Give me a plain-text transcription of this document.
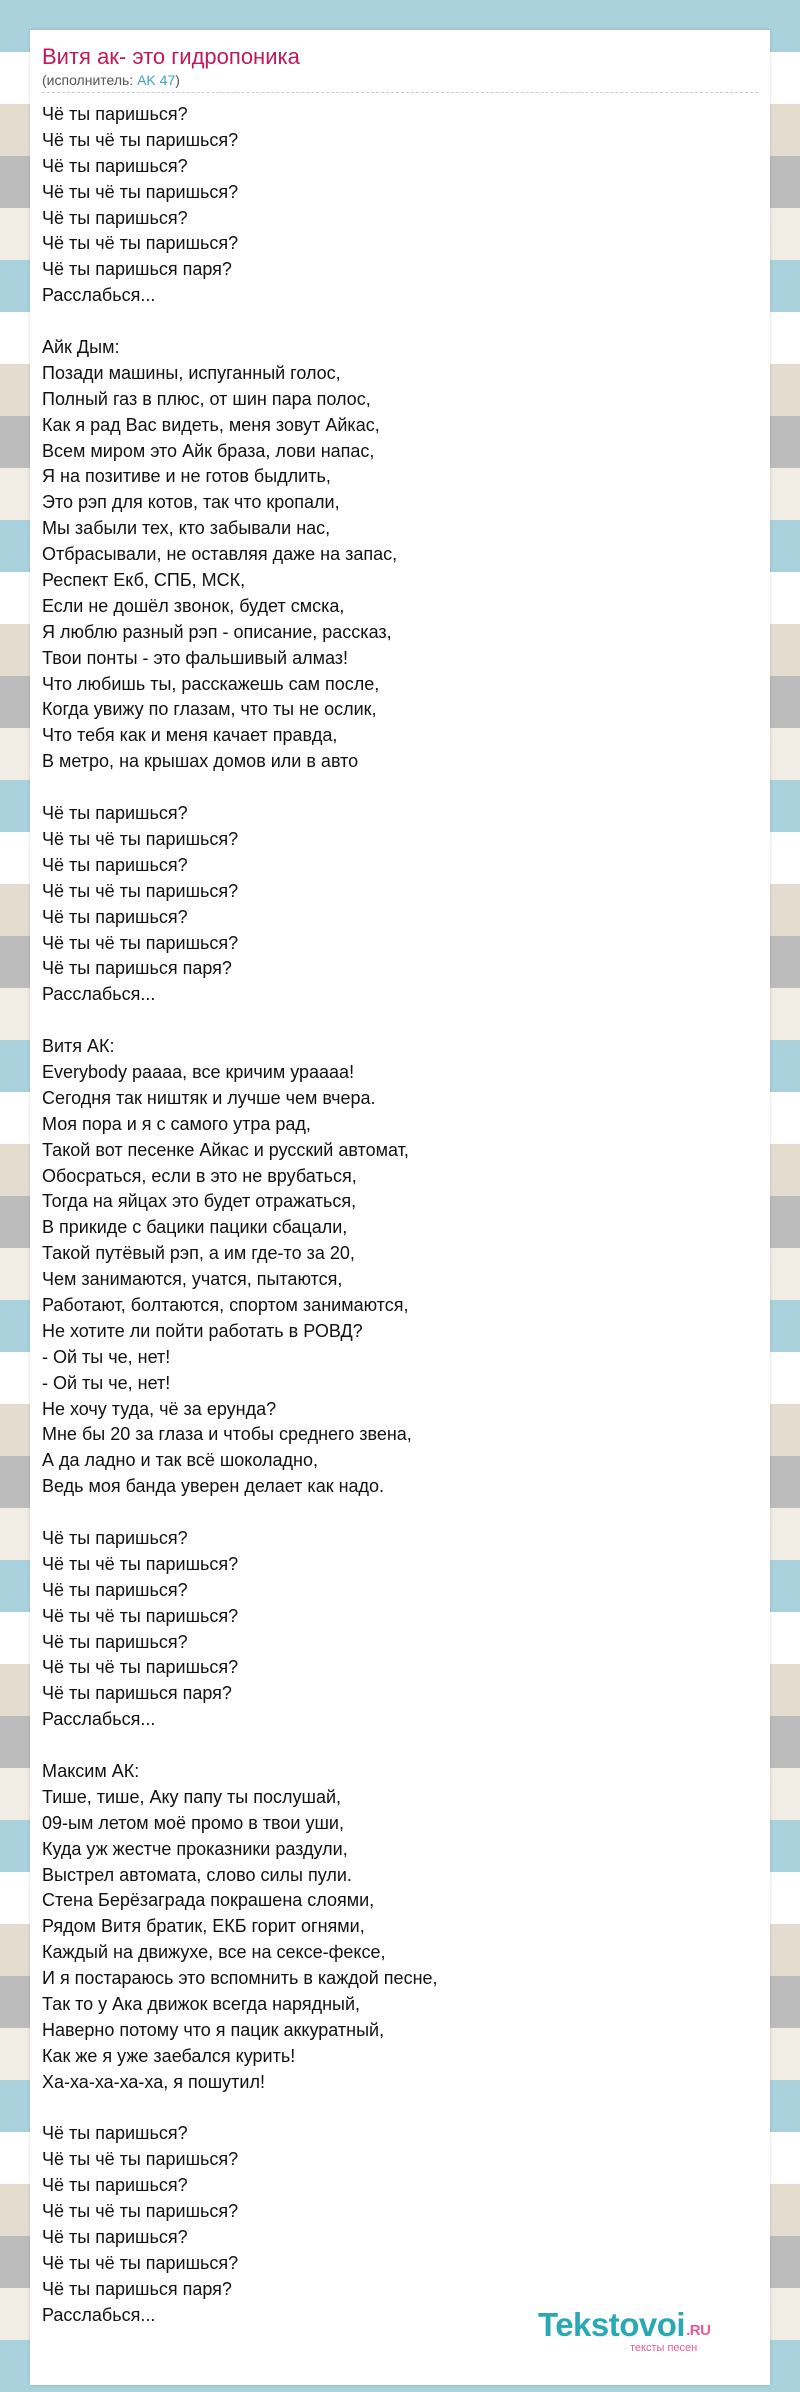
Витя ак- это гидропоника
(исполнитель: AK 47)
Чё ты паришься?
Чё ты чё ты паришься?
Чё ты паришься?
Чё ты чё ты паришься?
Чё ты паришься?
Чё ты чё ты паришься?
Чё ты паришься паря?
Расслабься...
Айк Дым:
Позади машины, испуганный голос,
Полный газ в плюс, от шин пара полос,
Как я рад Вас видеть, меня зовут Айкас,
Всем миром это Айк браза, лови напас,
Я на позитиве и не готов быдлить,
Это рэп для котов, так что кропали,
Мы забыли тех, кто забывали нас,
Отбрасывали, не оставляя даже на запас,
Респект Екб, СПБ, МСК,
Если не дошёл звонок, будет смска,
Я люблю разный рэп - описание, рассказ,
Твои понты - это фальшивый алмаз!
Что любишь ты, расскажешь сам после,
Когда увижу по глазам, что ты не ослик,
Что тебя как и меня качает правда,
В метро, на крышах домов или в авто
Чё ты паришься?
Чё ты чё ты паришься?
Чё ты паришься?
Чё ты чё ты паришься?
Чё ты паришься?
Чё ты чё ты паришься?
Чё ты паришься паря?
Расслабься...
Витя АК:
Everybody раааа, все кричим ураааа!
Сегодня так ништяк и лучше чем вчера.
Моя пора и я с самого утра рад,
Такой вот песенке Айкас и русский автомат,
Обосраться, если в это не врубаться,
Тогда на яйцах это будет отражаться,
В прикиде с бацики пацики сбацали,
Такой путёвый рэп, а им где-то за 20,
Чем занимаются, учатся, пытаются,
Работают, болтаются, спортом занимаются,
Не хотите ли пойти работать в РОВД?
- Ой ты че, нет!
- Ой ты че, нет!
Не хочу туда, чё за ерунда?
Мне бы 20 за глаза и чтобы среднего звена,
А да ладно и так всё шоколадно,
Ведь моя банда уверен делает как надо.
Чё ты паришься?
Чё ты чё ты паришься?
Чё ты паришься?
Чё ты чё ты паришься?
Чё ты паришься?
Чё ты чё ты паришься?
Чё ты паришься паря?
Расслабься...
Максим АК:
Тише, тише, Аку папу ты послушай,
09-ым летом моё промо в твои уши,
Куда уж жестче проказники раздули,
Выстрел автомата, слово силы пули.
Стена Берёзаграда покрашена слоями,
Рядом Витя братик, ЕКБ горит огнями,
Каждый на движухе, все на сексе-фексе,
И я постараюсь это вспомнить в каждой песне,
Так то у Ака движок всегда нарядный,
Наверно потому что я пацик аккуратный,
Как же я уже заебался курить!
Ха-ха-ха-ха-ха, я пошутил!
Чё ты паришься?
Чё ты чё ты паришься?
Чё ты паришься?
Чё ты чё ты паришься?
Чё ты паришься?
Чё ты чё ты паришься?
Чё ты паришься паря?
Расслабься...	Tekstovoi.RU
тексты песен
